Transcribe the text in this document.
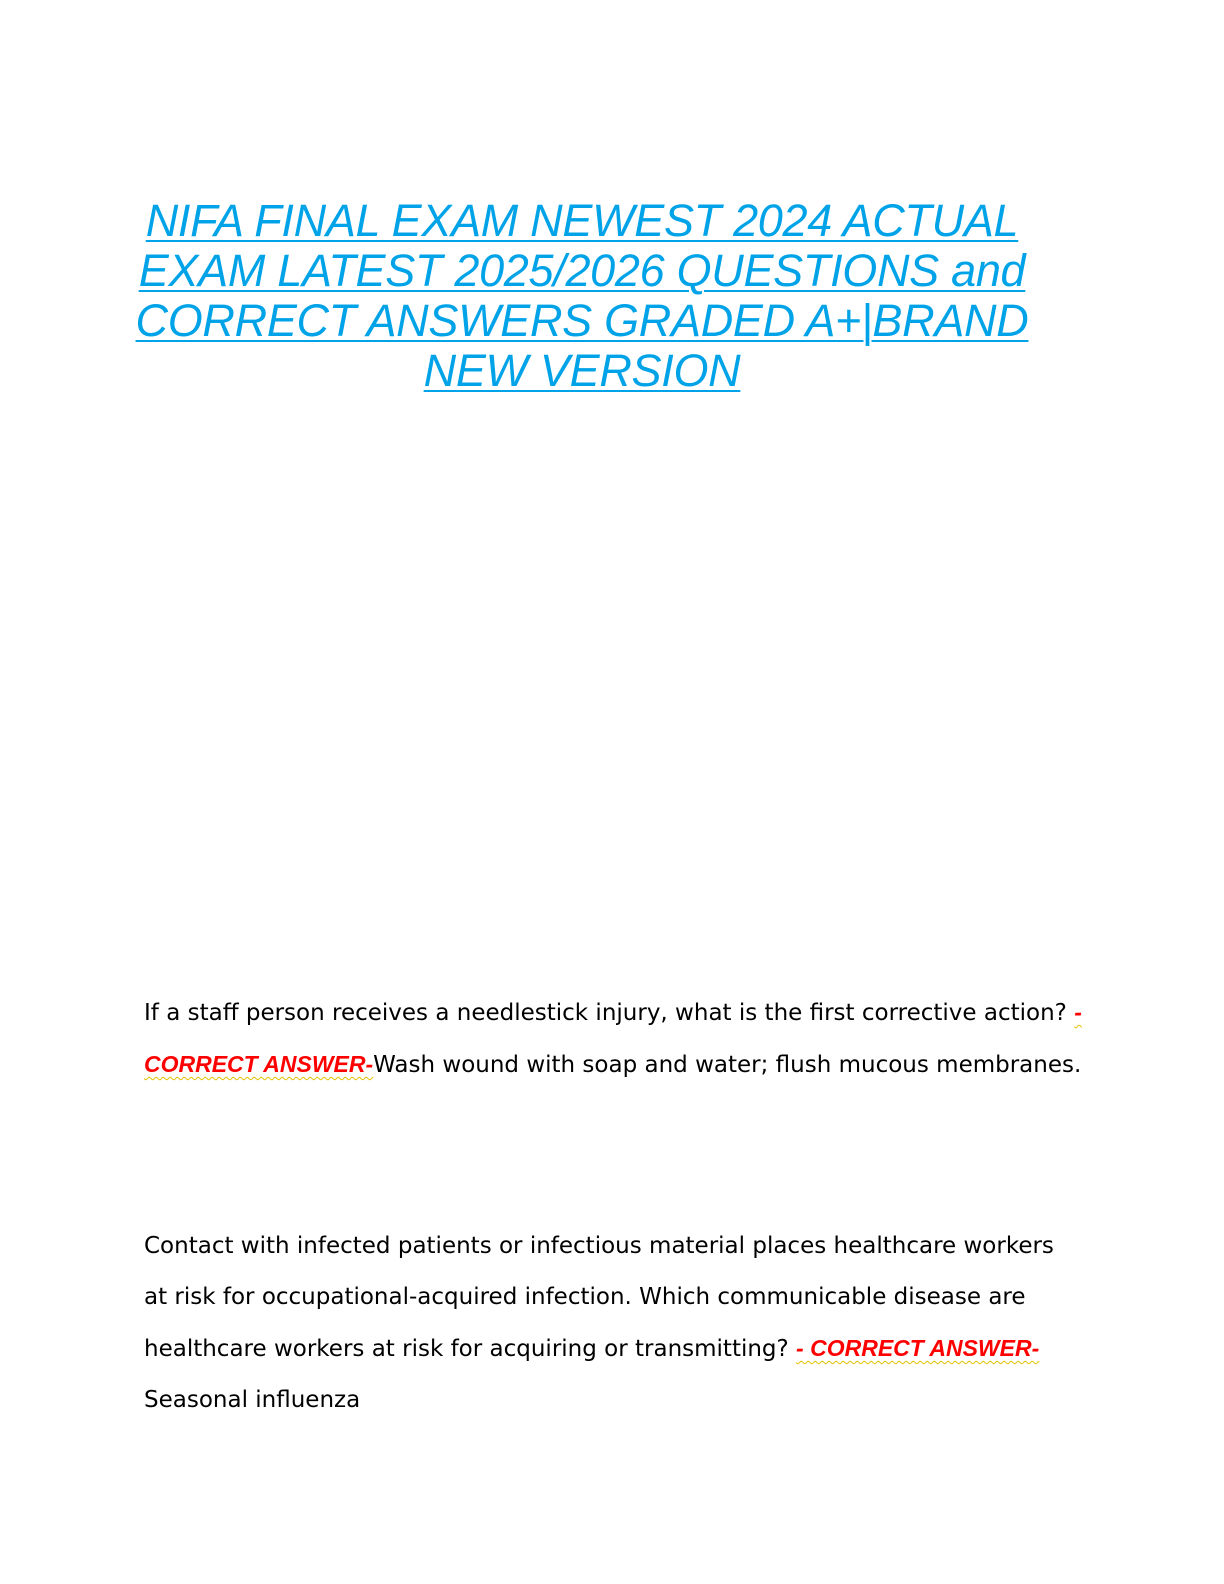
NIFA FINAL EXAM NEWEST 2024 ACTUAL EXAM LATEST 2025/2026 QUESTIONS and CORRECT ANSWERS GRADED A+|BRAND NEW VERSION
If a staff person receives a needlestick injury, what is the first corrective action? - CORRECT ANSWER-Wash wound with soap and water; flush mucous membranes.
Contact with infected patients or infectious material places healthcare workers at risk for occupational-acquired infection. Which communicable disease are healthcare workers at risk for acquiring or transmitting? - CORRECT ANSWER- Seasonal influenza
